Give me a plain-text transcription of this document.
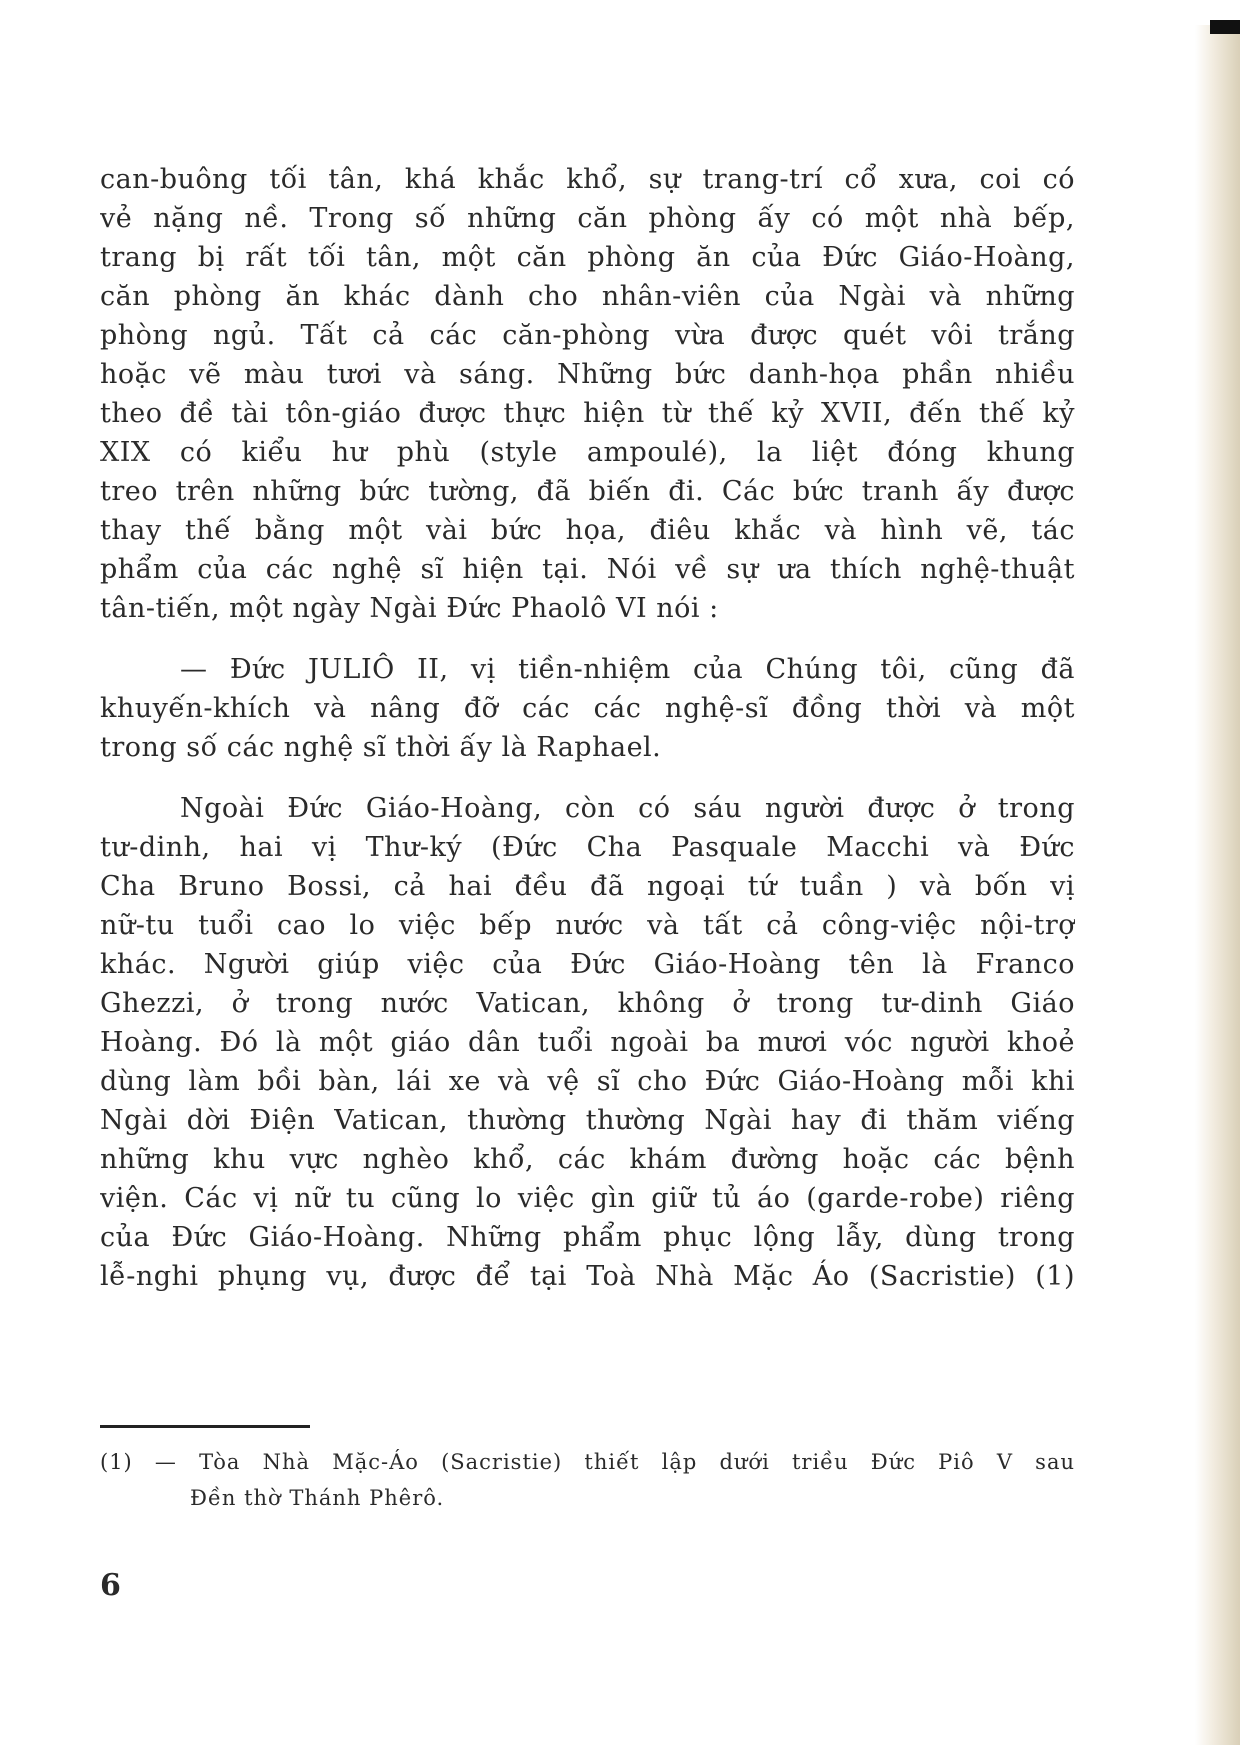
can-buông tối tân, khá khắc khổ, sự trang-trí cổ xưa, coi có
vẻ nặng nề. Trong số những căn phòng ấy có một nhà bếp,
trang bị rất tối tân, một căn phòng ăn của Đức Giáo-Hoàng,
căn phòng ăn khác dành cho nhân-viên của Ngài và những
phòng ngủ. Tất cả các căn-phòng vừa được quét vôi trắng
hoặc vẽ màu tươi và sáng. Những bức danh-họa phần nhiều
theo đề tài tôn-giáo được thực hiện từ thế kỷ XVII, đến thế kỷ
XIX có kiểu hư phù (style ampoulé), la liệt đóng khung
treo trên những bức tường, đã biến đi. Các bức tranh ấy được
thay thế bằng một vài bức họa, điêu khắc và hình vẽ, tác
phẩm của các nghệ sĩ hiện tại. Nói về sự ưa thích nghệ-thuật
tân-tiến, một ngày Ngài Đức Phaolô VI nói :
— Đức JULIÔ II, vị tiền-nhiệm của Chúng tôi, cũng đã
khuyến-khích và nâng đỡ các các nghệ-sĩ đồng thời và một
trong số các nghệ sĩ thời ấy là Raphael.
Ngoài Đức Giáo-Hoàng, còn có sáu người được ở trong
tư-dinh, hai vị Thư-ký (Đức Cha Pasquale Macchi và Đức
Cha Bruno Bossi, cả hai đều đã ngoại tứ tuần ) và bốn vị
nữ-tu tuổi cao lo việc bếp nước và tất cả công-việc nội-trợ
khác. Người giúp việc của Đức Giáo-Hoàng tên là Franco
Ghezzi, ở trong nước Vatican, không ở trong tư-dinh Giáo
Hoàng. Đó là một giáo dân tuổi ngoài ba mươi vóc người khoẻ
dùng làm bồi bàn, lái xe và vệ sĩ cho Đức Giáo-Hoàng mỗi khi
Ngài dời Điện Vatican, thường thường Ngài hay đi thăm viếng
những khu vực nghèo khổ, các khám đường hoặc các bệnh
viện. Các vị nữ tu cũng lo việc gìn giữ tủ áo (garde-robe) riêng
của Đức Giáo-Hoàng. Những phẩm phục lộng lẫy, dùng trong
lễ-nghi phụng vụ, được để tại Toà Nhà Mặc Áo (Sacristie) (1)
(1) — Tòa Nhà Mặc-Áo (Sacristie) thiết lập dưới triều Đức Piô V sau
Đền thờ Thánh Phêrô.
6
